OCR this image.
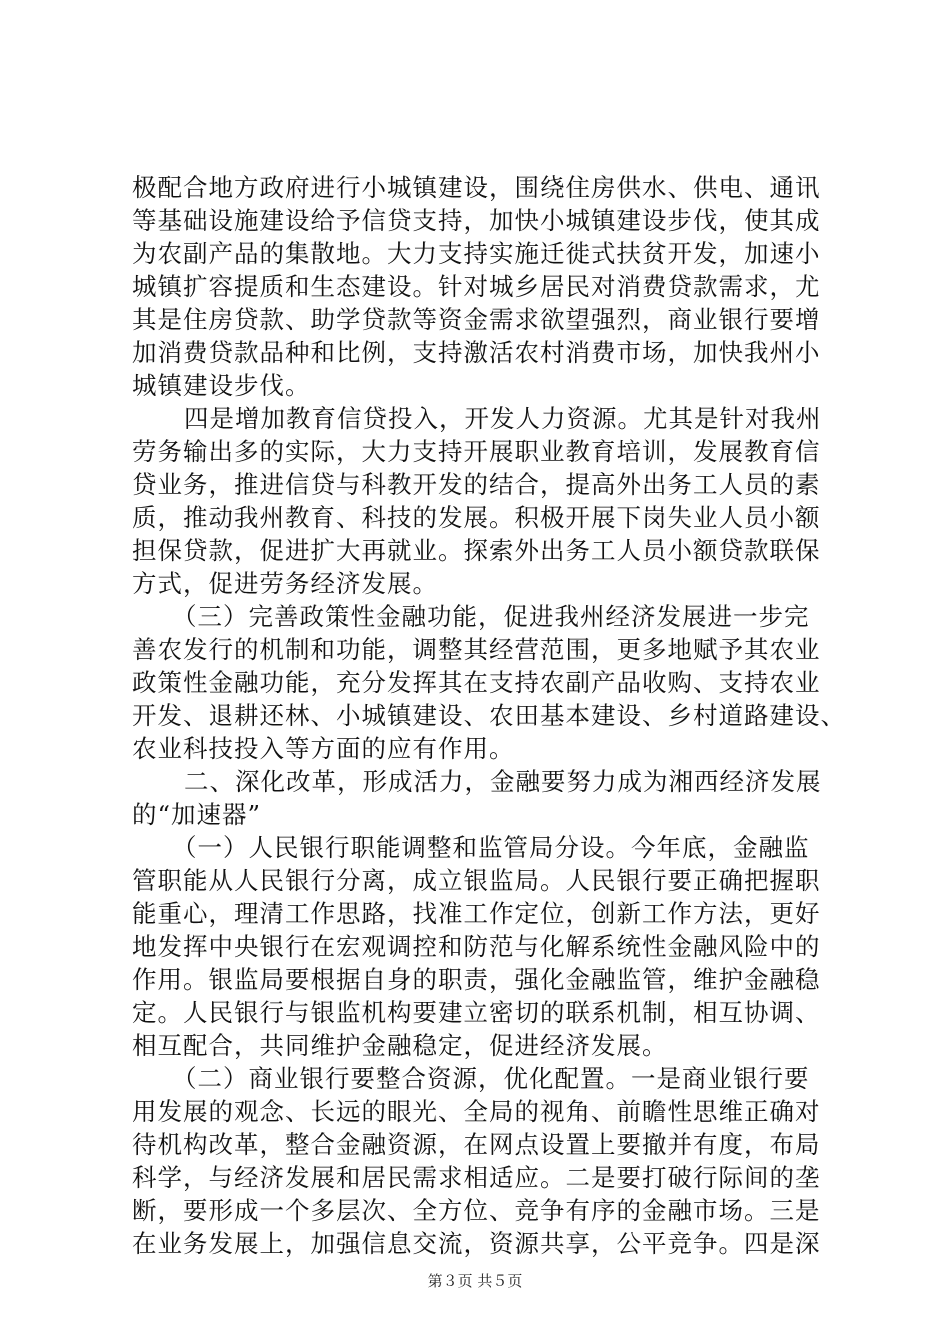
极配合地方政府进行小城镇建设，围绕住房供水、供电、通讯
等基础设施建设给予信贷支持，加快小城镇建设步伐，使其成
为农副产品的集散地。大力支持实施迁徙式扶贫开发，加速小
城镇扩容提质和生态建设。针对城乡居民对消费贷款需求，尤
其是住房贷款、助学贷款等资金需求欲望强烈，商业银行要增
加消费贷款品种和比例，支持激活农村消费市场，加快我州小
城镇建设步伐。
四是增加教育信贷投入，开发人力资源。尤其是针对我州
劳务输出多的实际，大力支持开展职业教育培训，发展教育信
贷业务，推进信贷与科教开发的结合，提高外出务工人员的素
质，推动我州教育、科技的发展。积极开展下岗失业人员小额
担保贷款，促进扩大再就业。探索外出务工人员小额贷款联保
方式，促进劳务经济发展。
（三）完善政策性金融功能，促进我州经济发展进一步完
善农发行的机制和功能，调整其经营范围，更多地赋予其农业
政策性金融功能，充分发挥其在支持农副产品收购、支持农业
开发、退耕还林、小城镇建设、农田基本建设、乡村道路建设、
农业科技投入等方面的应有作用。
二、深化改革，形成活力，金融要努力成为湘西经济发展
的“加速器”
（一）人民银行职能调整和监管局分设。今年底，金融监
管职能从人民银行分离，成立银监局。人民银行要正确把握职
能重心，理清工作思路，找准工作定位，创新工作方法，更好
地发挥中央银行在宏观调控和防范与化解系统性金融风险中的
作用。银监局要根据自身的职责，强化金融监管，维护金融稳
定。人民银行与银监机构要建立密切的联系机制，相互协调、
相互配合，共同维护金融稳定，促进经济发展。
（二）商业银行要整合资源，优化配置。一是商业银行要
用发展的观念、长远的眼光、全局的视角、前瞻性思维正确对
待机构改革，整合金融资源，在网点设置上要撤并有度，布局
科学，与经济发展和居民需求相适应。二是要打破行际间的垄
断，要形成一个多层次、全方位、竞争有序的金融市场。三是
在业务发展上，加强信息交流，资源共享，公平竞争。四是深
第３页 共５页
